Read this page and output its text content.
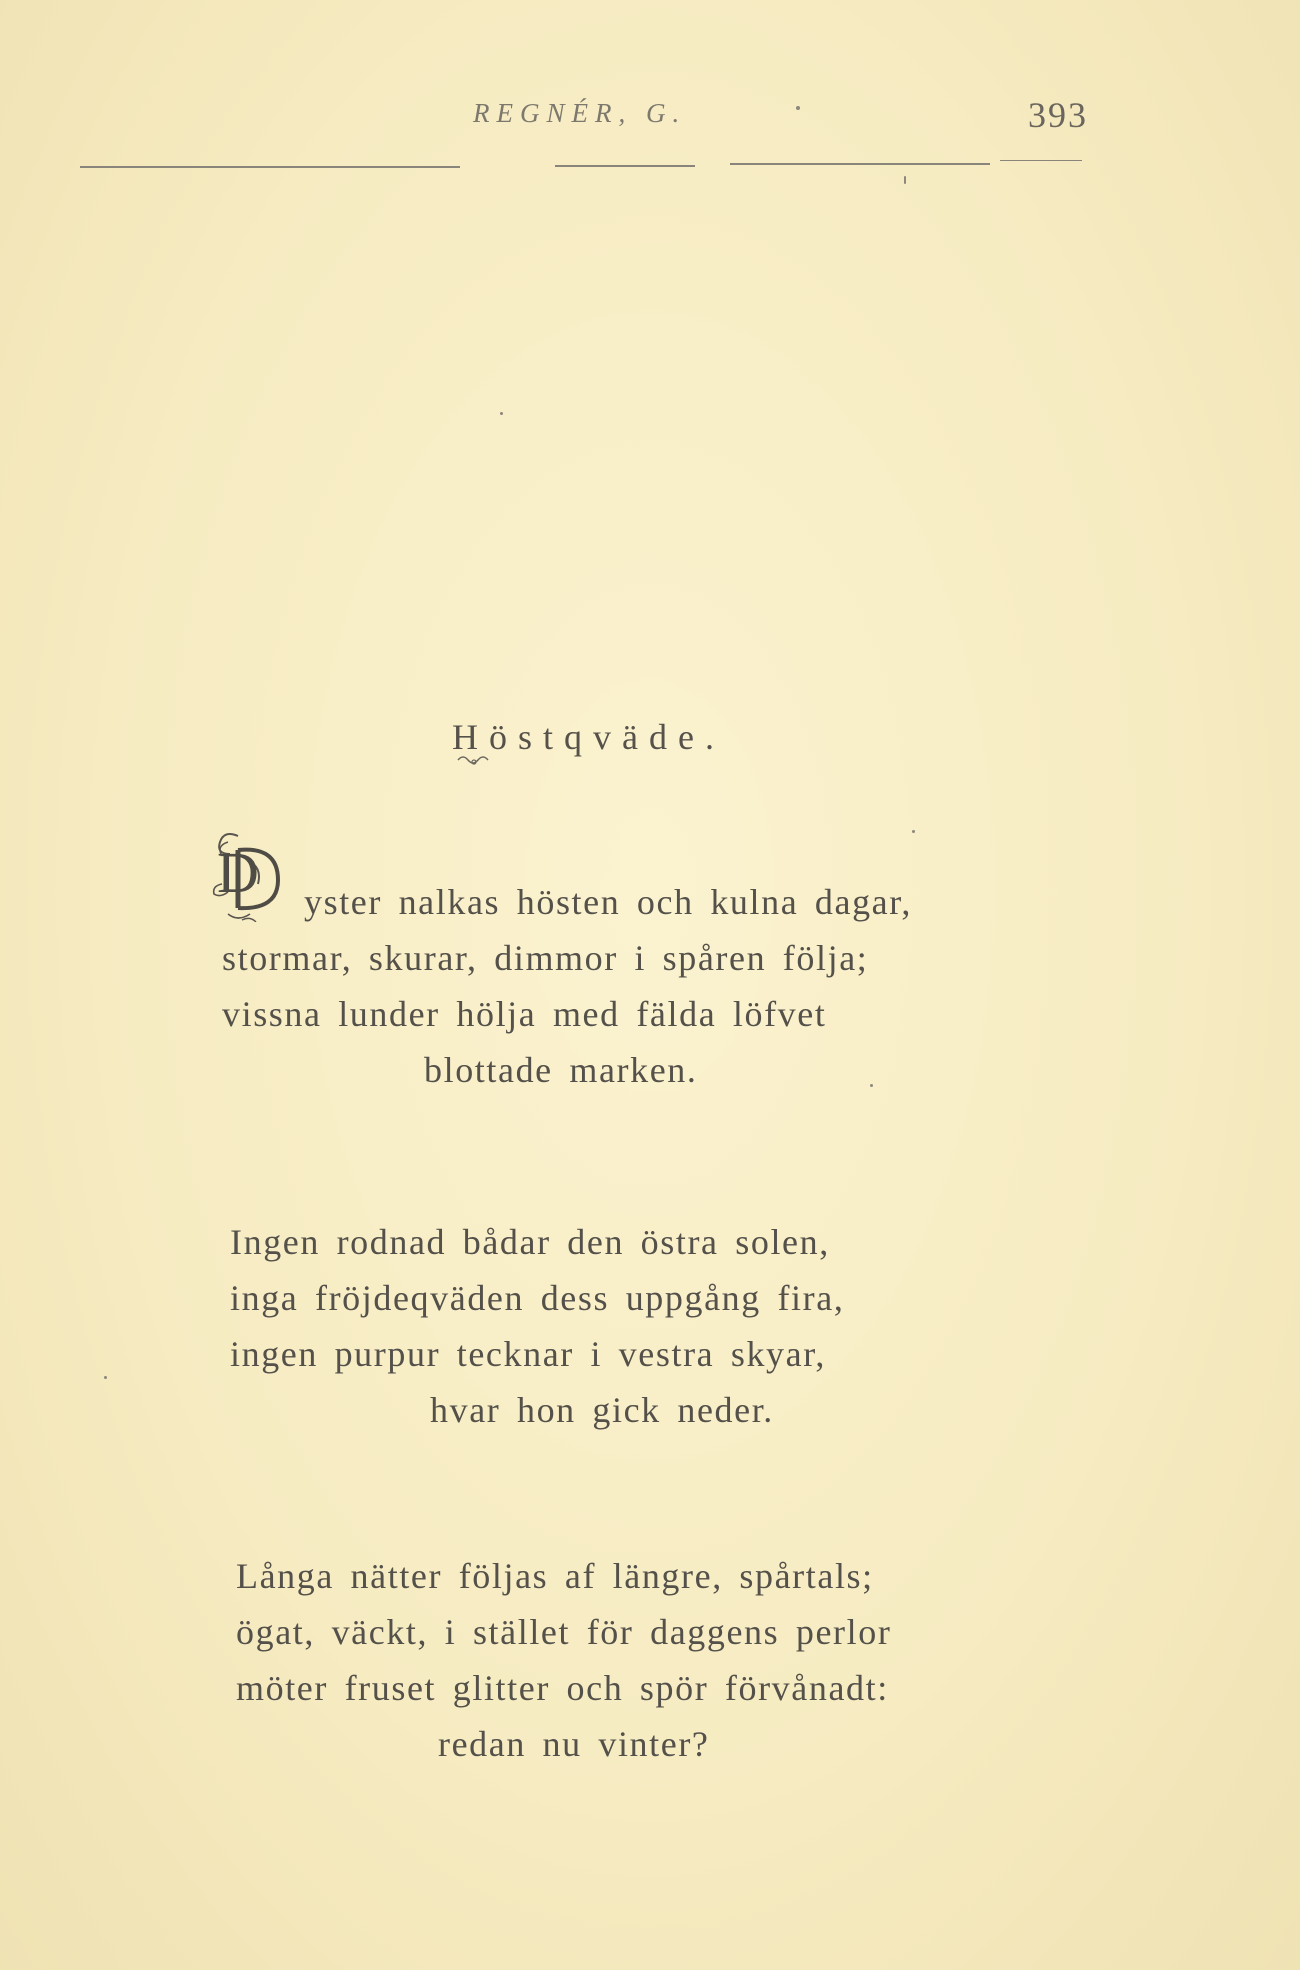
REGNÉR, G.	393
Höstqväde.
D	yster nalkas hösten och kulna dagar,
stormar, skurar, dimmor i spåren följa;
vissna lunder hölja med fälda löfvet
blottade marken.
Ingen rodnad bådar den östra solen,
inga fröjdeqväden dess uppgång fira,
ingen purpur tecknar i vestra skyar,
hvar hon gick neder.
Långa nätter följas af längre, spårtals;
ögat, väckt, i stället för daggens perlor
möter fruset glitter och spör förvånadt:
redan nu vinter?
